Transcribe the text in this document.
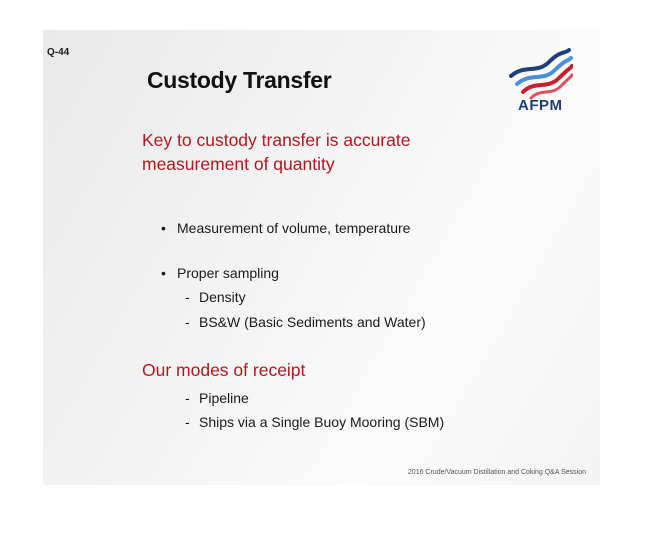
Q-44
Custody Transfer
AFPM
Key to custody transfer is accurate measurement of quantity
• Measurement of volume, temperature
• Proper sampling
- Density
- BS&W (Basic Sediments and Water)
Our modes of receipt
- Pipeline
- Ships via a Single Buoy Mooring (SBM)
2016 Crude/Vacuum Distillation and Coking Q&A Session
